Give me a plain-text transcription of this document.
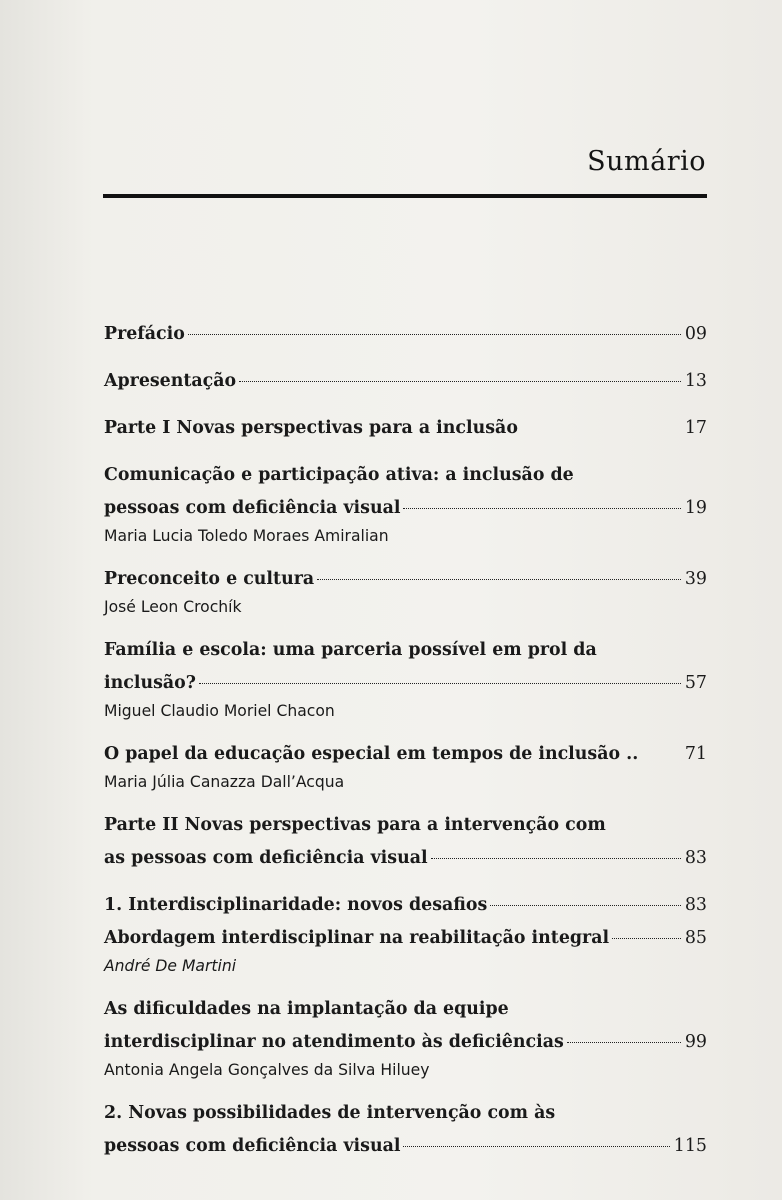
Sumário
Prefácio	09
Apresentação	13
Parte I Novas perspectivas para a inclusão	17
Comunicação e participação ativa: a inclusão de
pessoas com deficiência visual	19
Maria Lucia Toledo Moraes Amiralian
Preconceito e cultura	39
José Leon Crochík
Família e escola: uma parceria possível em prol da
inclusão?	57
Miguel Claudio Moriel Chacon
O papel da educação especial em tempos de inclusão ..	71
Maria Júlia Canazza Dall’Acqua
Parte II Novas perspectivas para a intervenção com
as pessoas com deficiência visual	83
1. Interdisciplinaridade: novos desafios	83
Abordagem interdisciplinar na reabilitação integral	85
André De Martini
As dificuldades na implantação da equipe
interdisciplinar no atendimento às deficiências	99
Antonia Angela Gonçalves da Silva Hiluey
2. Novas possibilidades de intervenção com às
pessoas com deficiência visual	115
